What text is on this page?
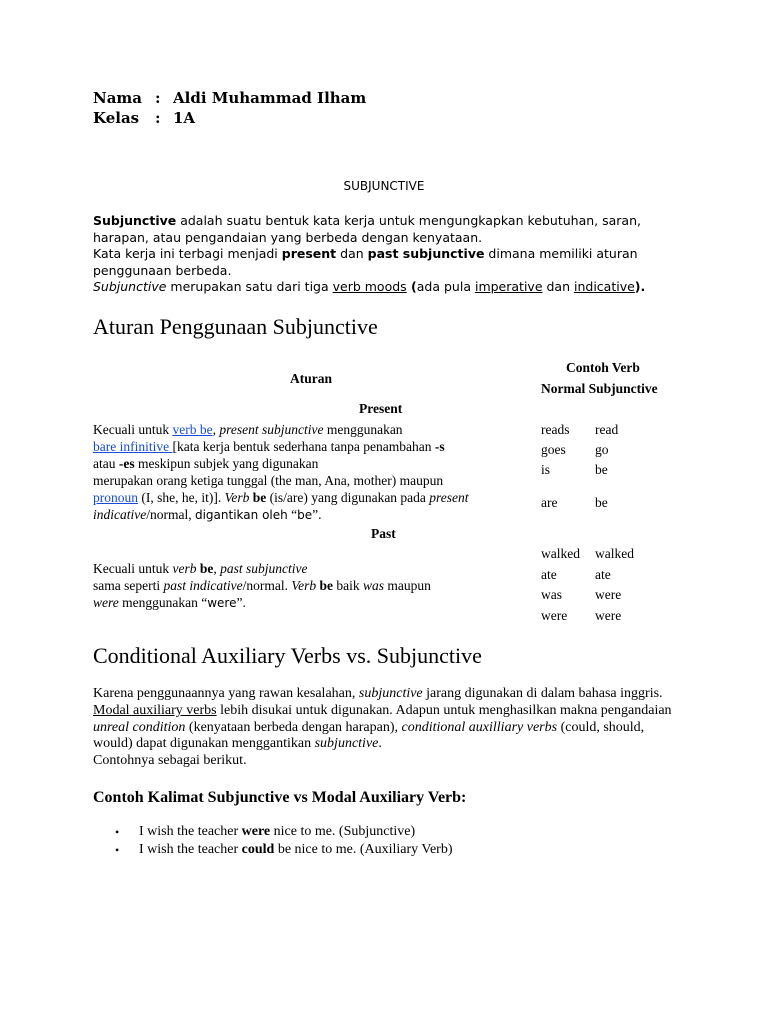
Nama : Aldi Muhammad Ilham
Kelas : 1A
SUBJUNCTIVE

Subjunctive adalah suatu bentuk kata kerja untuk mengungkapkan kebutuhan, saran, harapan, atau pengandaian yang berbeda dengan kenyataan.

Kata kerja ini terbagi menjadi present dan past subjunctive dimana memiliki aturan penggunaan berbeda.

Subjunctive merupakan satu dari tiga verb moods (ada pula imperative dan indicative).

Aturan Penggunaan Subjunctive
Aturan
Contoh Verb
Normal Subjunctive
Present
Kecuali untuk verb be, present subjunctive menggunakan
bare infinitive [kata kerja bentuk sederhana tanpa penambahan -s
atau -es meskipun subjek yang digunakan
merupakan orang ketiga tunggal (the man, Ana, mother) maupun
pronoun (I, she, he, it)]. Verb be (is/are) yang digunakan pada present
indicative/normal, digantikan oleh “be”.
reads read
goes go
is	be
are	be
Past
Kecuali untuk verb be, past subjunctive
sama seperti past indicative/normal. Verb be baik was maupun
were menggunakan “were”.
walked walked
ate	ate
was were
were were
Conditional Auxiliary Verbs vs. Subjunctive

Karena penggunaannya yang rawan kesalahan, subjunctive jarang digunakan di dalam bahasa inggris. Modal auxiliary verbs lebih disukai untuk digunakan. Adapun untuk menghasilkan makna pengandaian unreal condition (kenyataan berbeda dengan harapan), conditional auxilliary verbs (could, should, would) dapat digunakan menggantikan subjunctive.

Contohnya sebagai berikut.

Contoh Kalimat Subjunctive vs Modal Auxiliary Verb:
• I wish the teacher were nice to me. (Subjunctive)
• I wish the teacher could be nice to me. (Auxiliary Verb)
